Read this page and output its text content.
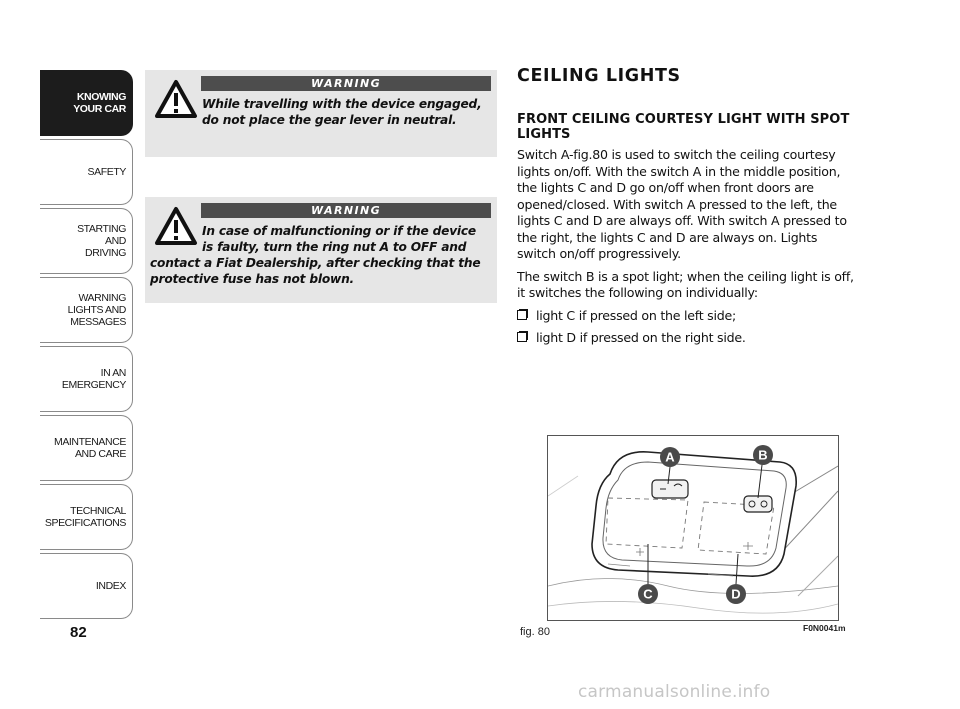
KNOWING
YOUR CAR
SAFETY
STARTING
AND
DRIVING
WARNING
LIGHTS AND
MESSAGES
IN AN
EMERGENCY
MAINTENANCE
AND CARE
TECHNICAL
SPECIFICATIONS
INDEX
82
WARNING
While travelling with the device engaged, do not place the gear lever in neutral.
WARNING
In case of malfunctioning or if the device is faulty, turn the ring nut A to OFF and contact a Fiat Dealership, after checking that the protective fuse has not blown.
CEILING LIGHTS
FRONT CEILING COURTESY LIGHT WITH SPOT LIGHTS

Switch A-fig.80 is used to switch the ceiling courtesy lights on/off. With the switch A in the middle position, the lights C and D go on/off when front doors are opened/closed. With switch A pressed to the left, the lights C and D are always off. With switch A pressed to the right, the lights C and D are always on. Lights switch on/off progressively.

The switch B is a spot light; when the ceiling light is off, it switches the following on individually:

light C if pressed on the left side;
light D if pressed on the right side.
A	B
C	D
fig. 80	F0N0041m
carmanualsonline.info
